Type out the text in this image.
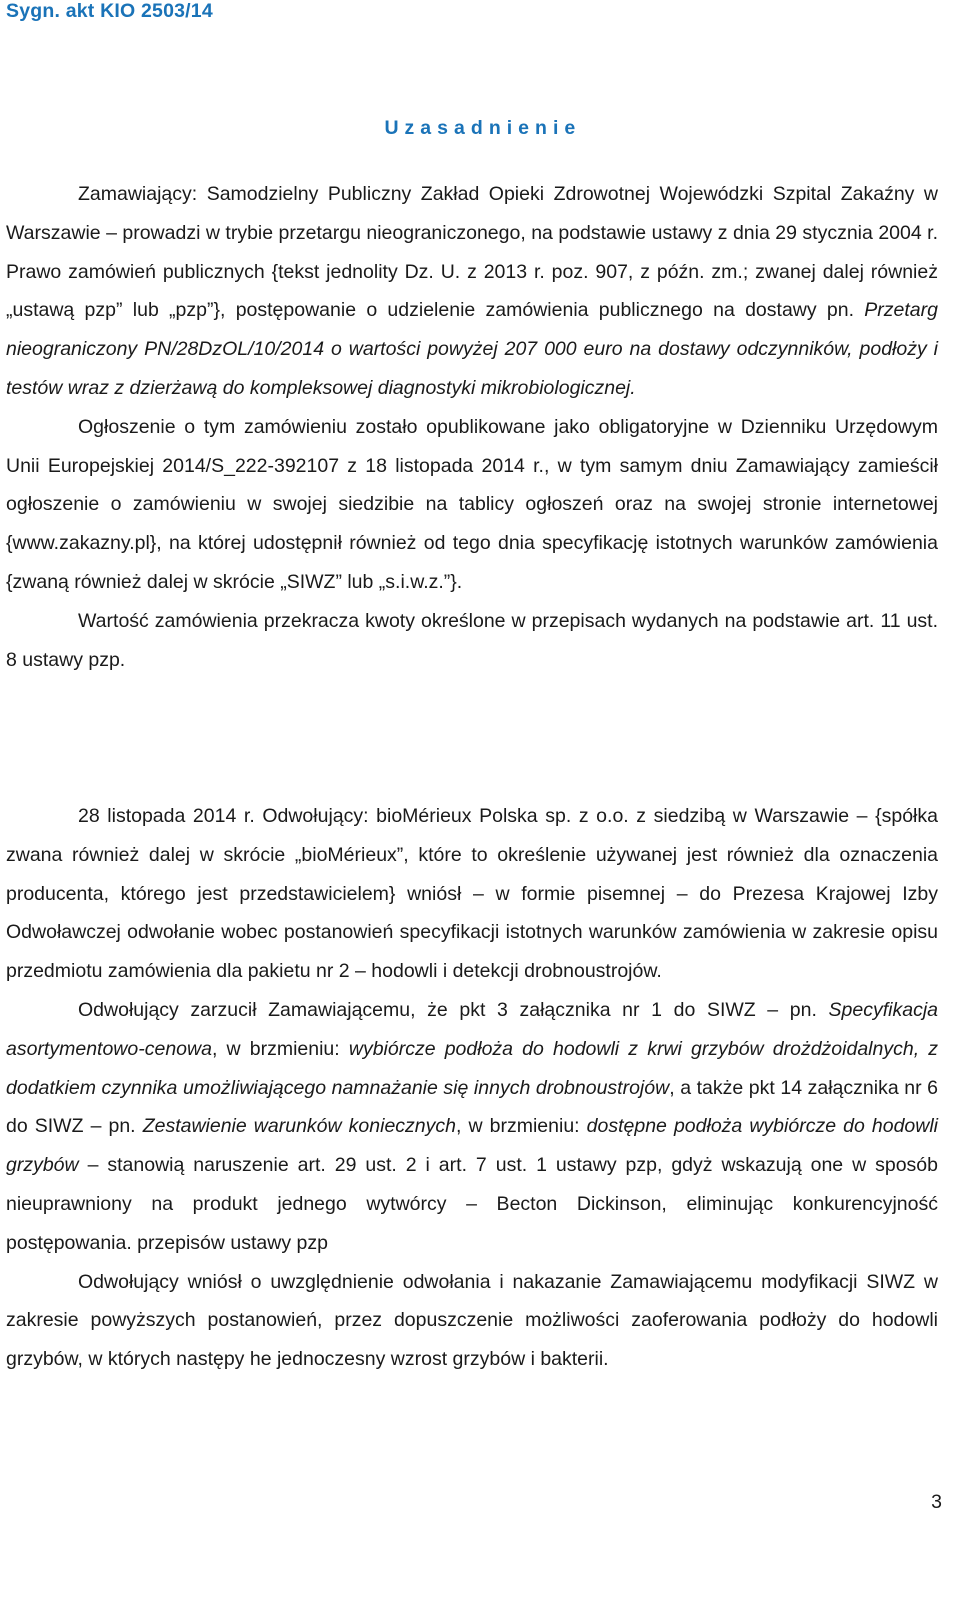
Sygn. akt KIO 2503/14
U z a s a d n i e n i e

Zamawiający: Samodzielny Publiczny Zakład Opieki Zdrowotnej Wojewódzki Szpital Zakaźny w Warszawie – prowadzi w trybie przetargu nieograniczonego, na podstawie ustawy z dnia 29 stycznia 2004 r. Prawo zamówień publicznych {tekst jednolity Dz. U. z 2013 r. poz. 907, z późn. zm.; zwanej dalej również „ustawą pzp” lub „pzp”}, postępowanie o udzielenie zamówienia publicznego na dostawy pn. Przetarg nieograniczony PN/28DzOL/10/2014 o wartości powyżej 207 000 euro na dostawy odczynników, podłoży i testów wraz z dzierżawą do kompleksowej diagnostyki mikrobiologicznej.

Ogłoszenie o tym zamówieniu zostało opublikowane jako obligatoryjne w Dzienniku Urzędowym Unii Europejskiej 2014/S_222-392107 z 18 listopada 2014 r., w tym samym dniu Zamawiający zamieścił ogłoszenie o zamówieniu w swojej siedzibie na tablicy ogłoszeń oraz na swojej stronie internetowej {www.zakazny.pl}, na której udostępnił również od tego dnia specyfikację istotnych warunków zamówienia {zwaną również dalej w skrócie „SIWZ” lub „s.i.w.z.”}.

Wartość zamówienia przekracza kwoty określone w przepisach wydanych na podstawie art. 11 ust. 8 ustawy pzp.

28 listopada 2014 r. Odwołujący: bioMérieux Polska sp. z o.o. z siedzibą w Warszawie – {spółka zwana również dalej w skrócie „bioMérieux”, które to określenie używanej jest również dla oznaczenia producenta, którego jest przedstawicielem} wniósł – w formie pisemnej – do Prezesa Krajowej Izby Odwoławczej odwołanie wobec postanowień specyfikacji istotnych warunków zamówienia w zakresie opisu przedmiotu zamówienia dla pakietu nr 2 – hodowli i detekcji drobnoustrojów.

Odwołujący zarzucił Zamawiającemu, że pkt 3 załącznika nr 1 do SIWZ – pn. Specyfikacja asortymentowo-cenowa, w brzmieniu: wybiórcze podłoża do hodowli z krwi grzybów drożdżoidalnych, z dodatkiem czynnika umożliwiającego namnażanie się innych drobnoustrojów, a także pkt 14 załącznika nr 6 do SIWZ – pn. Zestawienie warunków koniecznych, w brzmieniu: dostępne podłoża wybiórcze do hodowli grzybów – stanowią naruszenie art. 29 ust. 2 i art. 7 ust. 1 ustawy pzp, gdyż wskazują one w sposób nieuprawniony na produkt jednego wytwórcy – Becton Dickinson, eliminując konkurencyjność postępowania. przepisów ustawy pzp

Odwołujący wniósł o uwzględnienie odwołania i nakazanie Zamawiającemu modyfikacji SIWZ w zakresie powyższych postanowień, przez dopuszczenie możliwości zaoferowania podłoży do hodowli grzybów, w których następy he jednoczesny wzrost grzybów i bakterii.

3
